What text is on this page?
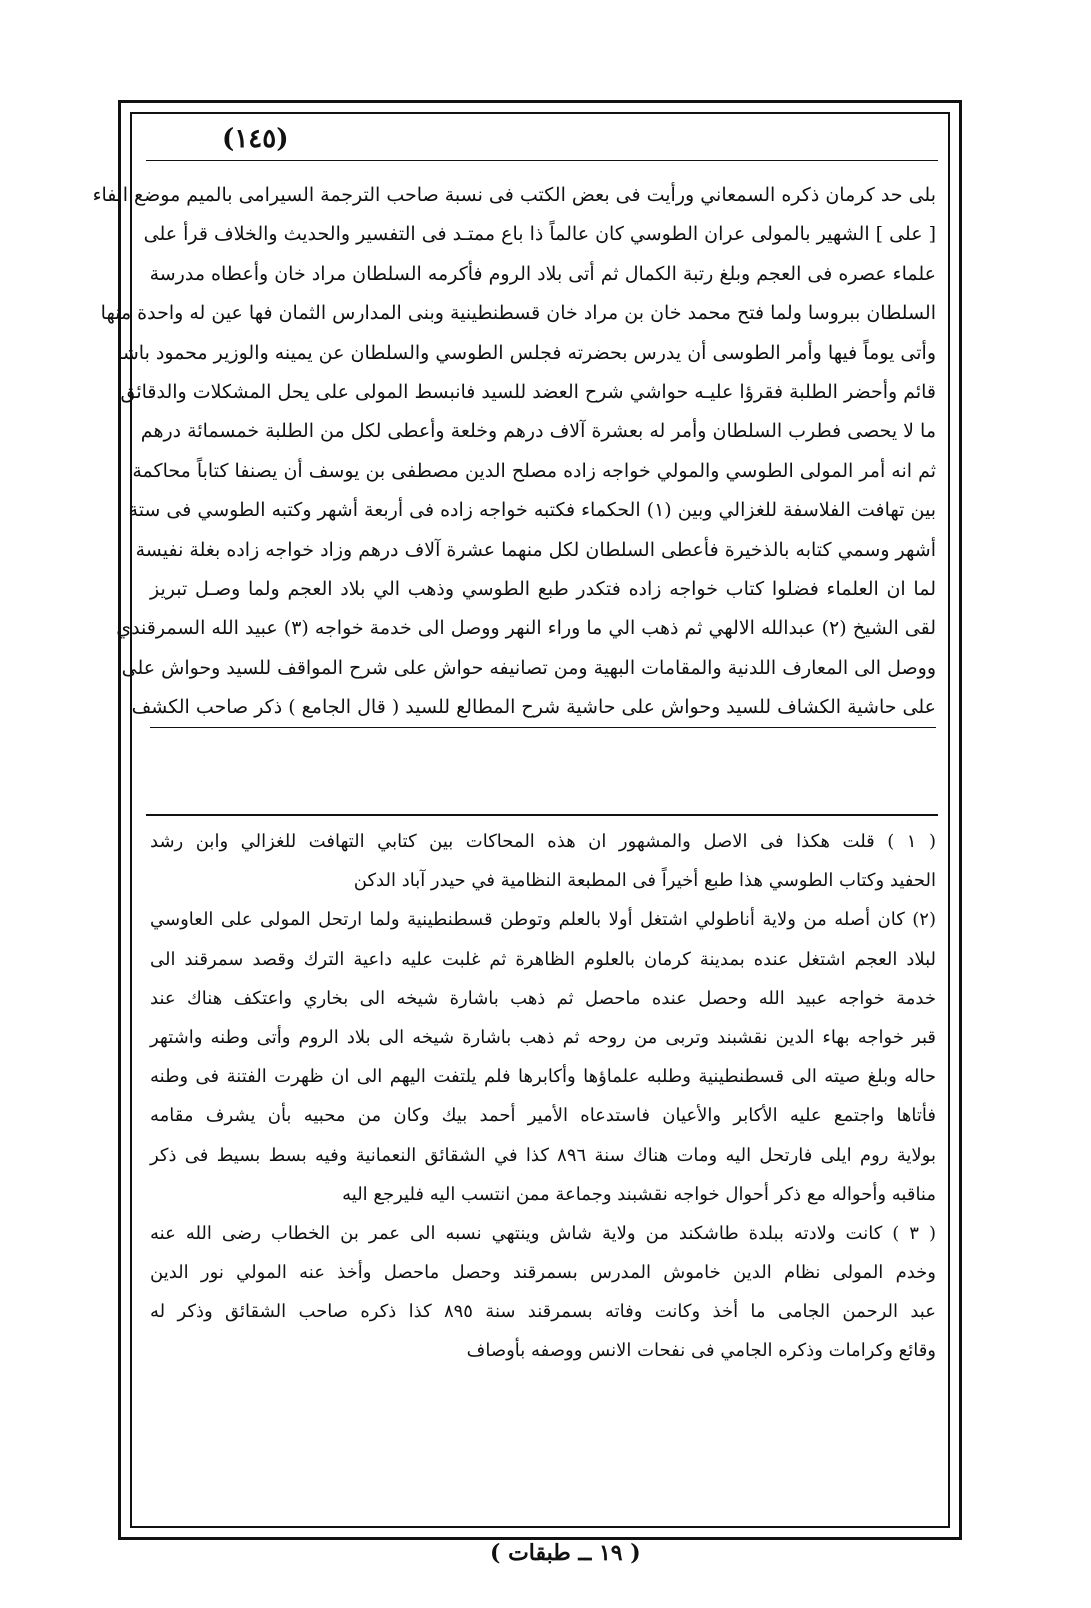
(١٤٥)
بلى حد كرمان ذكره السمعاني ورأيت فى بعض الكتب فى نسبة صاحب الترجمة السيرامى بالميم موضع الفاء
[ على ] الشهير بالمولى عران الطوسي كان عالماً ذا باع ممتـد فى التفسير والحديث والخلاف قرأ على
علماء عصره فى العجم وبلغ رتبة الكمال ثم أتى بلاد الروم فأكرمه السلطان مراد خان وأعطاه مدرسة
السلطان ببروسا ولما فتح محمد خان بن مراد خان قسطنطينية وبنى المدارس الثمان فها عين له واحدة منها
وأتى يوماً فيها وأمر الطوسى أن يدرس بحضرته فجلس الطوسي والسلطان عن يمينه والوزير محمود باشا
قائم وأحضر الطلبة فقرؤا عليـه حواشي شرح العضد للسيد فانبسط المولى على يحل المشكلات والدقائق
ما لا يحصى فطرب السلطان وأمر له بعشرة آلاف درهم وخلعة وأعطى لكل من الطلبة خمسمائة درهم
ثم انه أمر المولى الطوسي والمولي خواجه زاده مصلح الدين مصطفى بن يوسف أن يصنفا كتاباً محاكمة
بين تهافت الفلاسفة للغزالي وبين (١) الحكماء فكتبه خواجه زاده فى أربعة أشهر وكتبه الطوسي فى ستة
أشهر وسمي كتابه بالذخيرة فأعطى السلطان لكل منهما عشرة آلاف درهم وزاد خواجه زاده بغلة نفيسة
لما ان العلماء فضلوا كتاب خواجه زاده فتكدر طبع الطوسي وذهب الي بلاد العجم ولما وصـل تبريز
لقى الشيخ (٢) عبدالله الالهي ثم ذهب الي ما وراء النهر ووصل الى خدمة خواجه (٣) عبيد الله السمرقندي
ووصل الى المعارف اللدنية والمقامات البهية ومن تصانيفه حواش على شرح المواقف للسيد وحواش على
على حاشية الكشاف للسيد وحواش على حاشية شرح المطالع للسيد ( قال الجامع ) ذكر صاحب الكشف
( ١ ) قلت هكذا فى الاصل والمشهور ان هذه المحاكات بين كتابي التهافت للغزالي وابن رشد
الحفيد وكتاب الطوسي هذا طبع أخيراً فى المطبعة النظامية في حيدر آباد الدكن
(٢) كان أصله من ولاية أناطولي اشتغل أولا بالعلم وتوطن قسطنطينية ولما ارتحل المولى على العاوسي
لبلاد العجم اشتغل عنده بمدينة كرمان بالعلوم الظاهرة ثم غلبت عليه داعية الترك وقصد سمرقند الى
خدمة خواجه عبيد الله وحصل عنده ماحصل ثم ذهب باشارة شيخه الى بخاري واعتكف هناك عند
قبر خواجه بهاء الدين نقشبند وتربى من روحه ثم ذهب باشارة شيخه الى بلاد الروم وأتى وطنه واشتهر
حاله وبلغ صيته الى قسطنطينية وطلبه علماؤها وأكابرها فلم يلتفت اليهم الى ان ظهرت الفتنة فى وطنه
فأتاها واجتمع عليه الأكابر والأعيان فاستدعاه الأمير أحمد بيك وكان من محبيه بأن يشرف مقامه
بولاية روم ايلى فارتحل اليه ومات هناك سنة ٨٩٦ كذا في الشقائق النعمانية وفيه بسط بسيط فى ذكر
مناقبه وأحواله مع ذكر أحوال خواجه نقشبند وجماعة ممن انتسب اليه فليرجع اليه
( ٣ ) كانت ولادته ببلدة طاشكند من ولاية شاش وينتهي نسبه الى عمر بن الخطاب رضى الله عنه
وخدم المولى نظام الدين خاموش المدرس بسمرقند وحصل ماحصل وأخذ عنه المولي نور الدين
عبد الرحمن الجامى ما أخذ وكانت وفاته بسمرقند سنة ٨٩٥ كذا ذكره صاحب الشقائق وذكر له
وقائع وكرامات وذكره الجامي فى نفحات الانس ووصفه بأوصاف
( ١٩ ــ طبقات )
